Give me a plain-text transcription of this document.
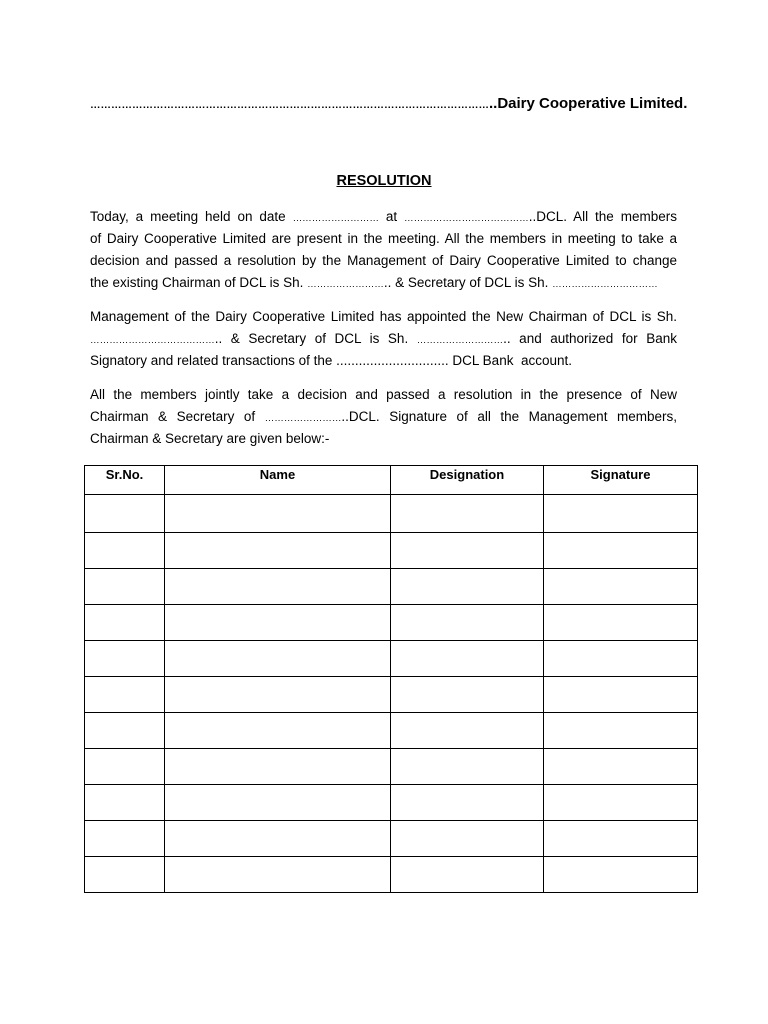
……………………………………………………………………………………………………..Dairy Cooperative Limited.
RESOLUTION
Today, a meeting held on date ……………………… at …………………………………..DCL. All the members
of Dairy Cooperative Limited are present in the meeting. All the members in meeting to take a
decision and passed a resolution by the Management of Dairy Cooperative Limited to change
the existing Chairman of DCL is Sh. …………………….. & Secretary of DCL is Sh. ……………………………
Management of the Dairy Cooperative Limited has appointed the New Chairman of DCL is Sh.
………………………………….. & Secretary of DCL is Sh. ……………………….. and authorized for Bank
Signatory and related transactions of the .............................. DCL Bank  account.
All the members jointly take a decision and passed a resolution in the presence of New
Chairman & Secretary of ……………………..DCL. Signature of all the Management members,
Chairman & Secretary are given below:-
Sr.No.	Name	Designation	Signature
